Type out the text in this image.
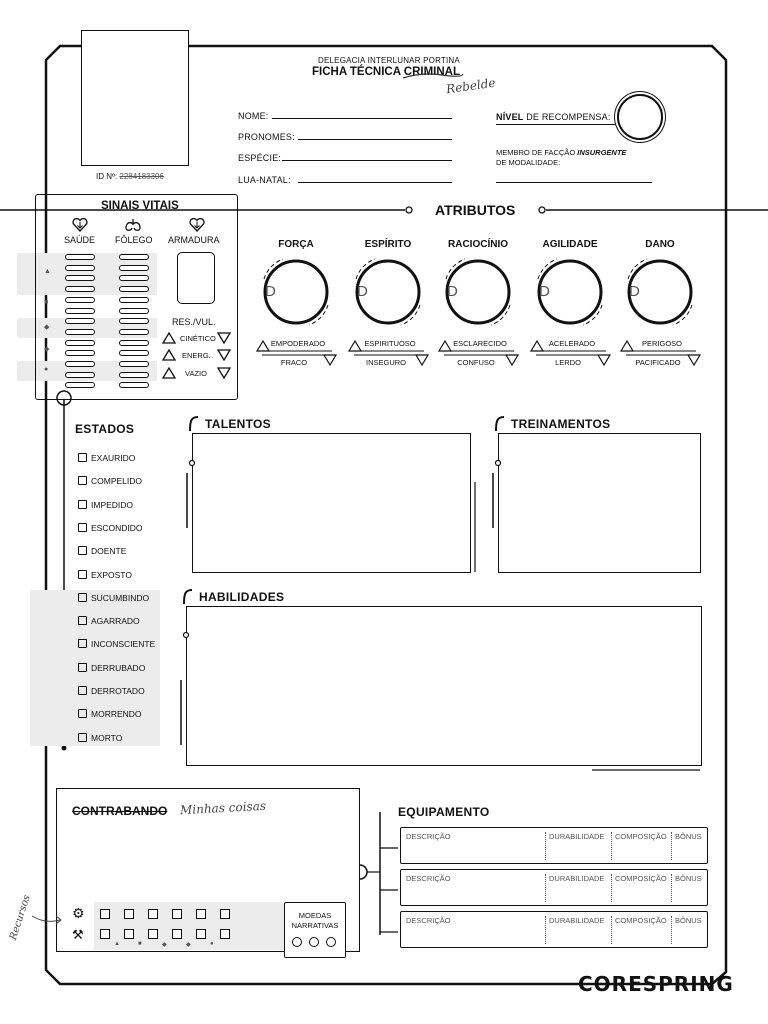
ID Nº: 2284183306
DELEGACIA INTERLUNAR PORTINA
FICHA TÉCNICA CRIMINAL
Rebelde
NOME:
PRONOMES:
ESPÉCIE:
LUA-NATAL:
NÍVEL DE RECOMPENSA:
MEMBRO DE FACÇÃO INSURGENTE
DE MODALIDADE:
SINAIS VITAIS
SAÚDE FÔLEGO ARMADURA
▲
■
◆
◆
●
RES./VUL.
CINÉTICO
ENERG.
VAZIO
ATRIBUTOS
FORÇA
D
EMPODERADO
FRACO
ESPÍRITO
D
ESPIRITUOSO
INSEGURO
RACIOCÍNIO
D
ESCLARECIDO
CONFUSO
AGILIDADE
D
ACELERADO
LERDO
DANO
D
PERIGOSO
PACIFICADO
ESTADOS
EXAURIDO
COMPELIDO
IMPEDIDO
ESCONDIDO
DOENTE
EXPOSTO
SUCUMBINDO
AGARRADO
INCONSCIENTE
DERRUBADO
DERROTADO
MORRENDO
MORTO
TALENTOS	TREINAMENTOS
HABILIDADES
CONTRABANDO Minhas coisas
Recursos	⚙
⚒
▲	■	◆	◆	●
MOEDAS
NARRATIVAS
EQUIPAMENTO
DESCRIÇÃO	DURABILIDADE COMPOSIÇÃO BÔNUS
DESCRIÇÃO	DURABILIDADE COMPOSIÇÃO BÔNUS
DESCRIÇÃO	DURABILIDADE COMPOSIÇÃO BÔNUS
CORESPRING
